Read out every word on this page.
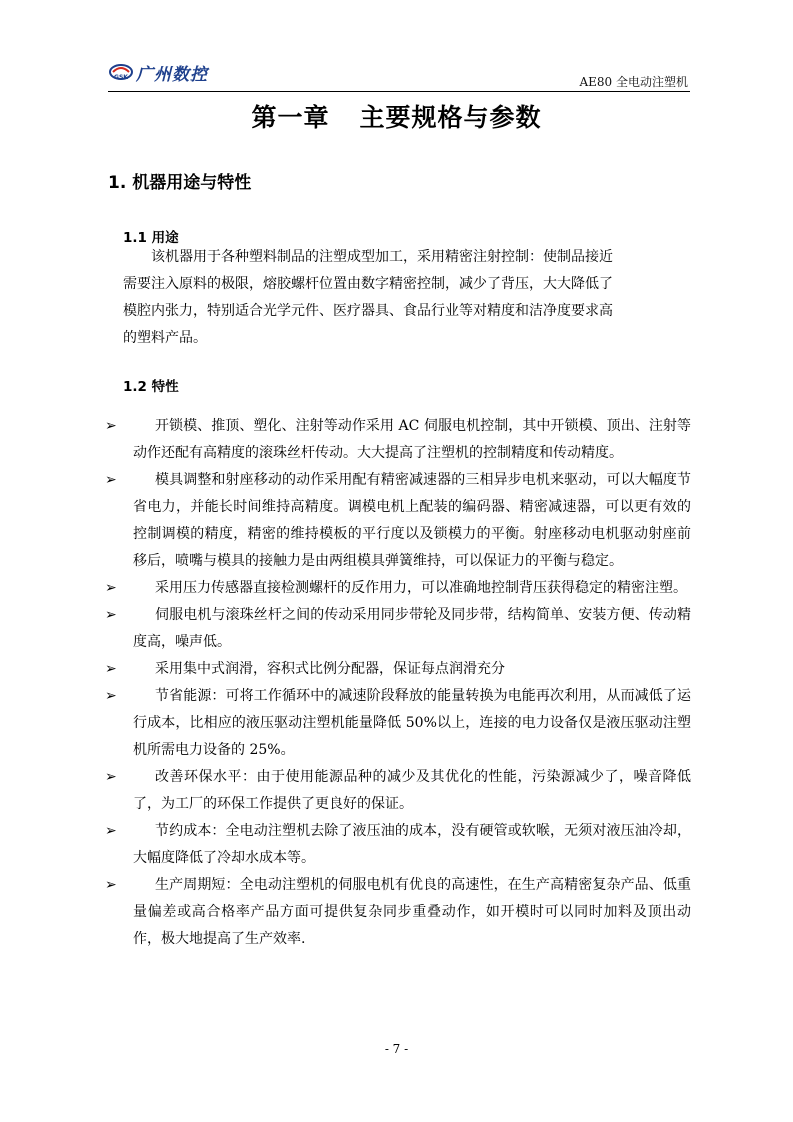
GSK 广州数控	AE80 全电动注塑机
第一章 主要规格与参数
1. 机器用途与特性
1.1 用途
该机器用于各种塑料制品的注塑成型加工，采用精密注射控制：使制品接近
需要注入原料的极限，熔胶螺杆位置由数字精密控制，减少了背压，大大降低了
模腔内张力，特别适合光学元件、医疗器具、食品行业等对精度和洁净度要求高
的塑料产品。
1.2 特性
➢	开锁模、推顶、塑化、注射等动作采用 AC 伺服电机控制，其中开锁模、顶出、注射等动作还配有高精度的滚珠丝杆传动。大大提高了注塑机的控制精度和传动精度。
➢	模具调整和射座移动的动作采用配有精密减速器的三相异步电机来驱动，可以大幅度节省电力，并能长时间维持高精度。调模电机上配装的编码器、精密减速器，可以更有效的控制调模的精度，精密的维持模板的平行度以及锁模力的平衡。射座移动电机驱动射座前移后，喷嘴与模具的接触力是由两组模具弹簧维持，可以保证力的平衡与稳定。
➢	采用压力传感器直接检测螺杆的反作用力，可以准确地控制背压获得稳定的精密注塑。
➢	伺服电机与滚珠丝杆之间的传动采用同步带轮及同步带，结构简单、安装方便、传动精度高，噪声低。
➢	采用集中式润滑，容积式比例分配器，保证每点润滑充分
➢	节省能源：可将工作循环中的减速阶段释放的能量转换为电能再次利用，从而减低了运行成本，比相应的液压驱动注塑机能量降低 50%以上，连接的电力设备仅是液压驱动注塑机所需电力设备的 25%。
➢	改善环保水平：由于使用能源品种的减少及其优化的性能，污染源减少了，噪音降低了，为工厂的环保工作提供了更良好的保证。
➢	节约成本：全电动注塑机去除了液压油的成本，没有硬管或软喉，无须对液压油冷却，大幅度降低了冷却水成本等。
➢	生产周期短：全电动注塑机的伺服电机有优良的高速性，在生产高精密复杂产品、低重量偏差或高合格率产品方面可提供复杂同步重叠动作，如开模时可以同时加料及顶出动作，极大地提高了生产效率.
- 7 -
